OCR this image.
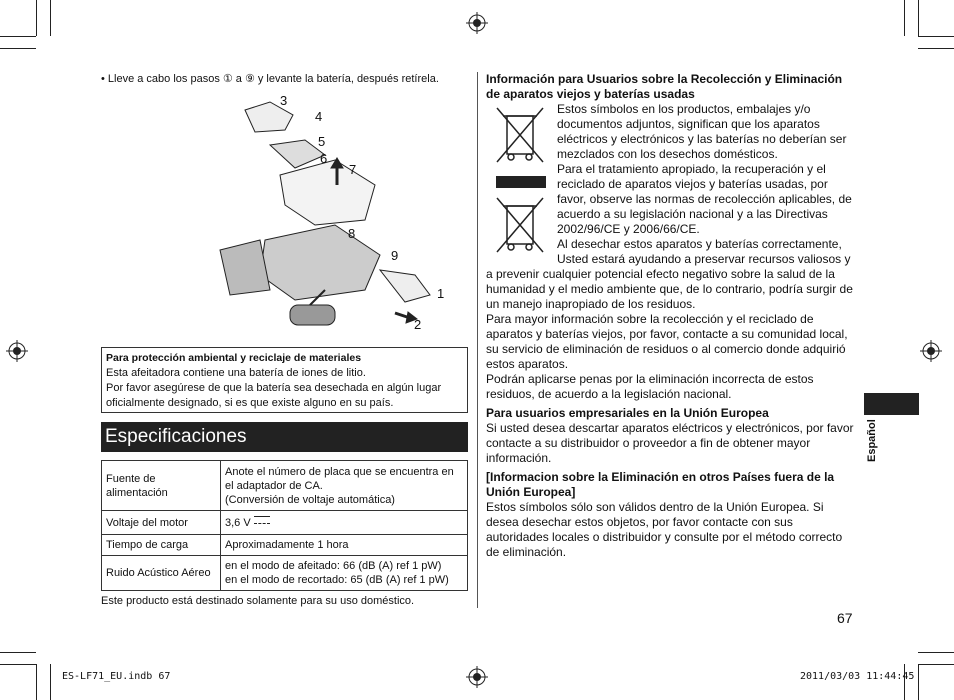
• Lleve a cabo los pasos ① a ⑨ y levante la batería, después retírela.
3
4
5
6
7
8
9
1
2
Para protección ambiental y reciclaje de materiales
Esta afeitadora contiene una batería de iones de litio.
Por favor asegúrese de que la batería sea desechada en algún lugar
oficialmente designado, si es que existe alguno en su país.
Especificaciones
Fuente de alimentación	Anote el número de placa que se encuentra en el adaptador de CA.
(Conversión de voltaje automática)
Voltaje del motor	3,6 V
Tiempo de carga	Aproximadamente 1 hora
Ruido Acústico Aéreo	en el modo de afeitado: 66 (dB (A) ref 1 pW)
en el modo de recortado: 65 (dB (A) ref 1 pW)
Este producto está destinado solamente para su uso doméstico.
Información para Usuarios sobre la Recolección y Eliminación de aparatos viejos y baterías usadas
Estos símbolos en los productos, embalajes y/o documentos adjuntos, significan que los aparatos eléctricos y electrónicos y las baterías no deberían ser mezclados con los desechos domésticos.
Para el tratamiento apropiado, la recuperación y el reciclado de aparatos viejos y baterías usadas, por favor, observe las normas de recolección aplicables, de acuerdo a su legislación nacional y a las Directivas 2002/96/CE y 2006/66/CE.
Al desechar estos aparatos y baterías correctamente, Usted estará ayudando a preservar recursos valiosos y
a prevenir cualquier potencial efecto negativo sobre la salud de la humanidad y el medio ambiente que, de lo contrario, podría surgir de un manejo inapropiado de los residuos.
Para mayor información sobre la recolección y el reciclado de aparatos y baterías viejos, por favor, contacte a su comunidad local, su servicio de eliminación de residuos o al comercio donde adquirió estos aparatos.
Podrán aplicarse penas por la eliminación incorrecta de estos residuos, de acuerdo a la legislación nacional.
Para usuarios empresariales en la Unión Europea
Si usted desea descartar aparatos eléctricos y electrónicos, por favor contacte a su distribuidor o proveedor a fin de obtener mayor información.
[Informacion sobre la Eliminación en otros Países fuera de la Unión Europea]
Estos símbolos sólo son válidos dentro de la Unión Europea. Si desea desechar estos objetos, por favor contacte con sus autoridades locales o distribuidor y consulte por el método correcto de eliminación.
Español
67
ES-LF71_EU.indb 67	2011/03/03 11:44:45
